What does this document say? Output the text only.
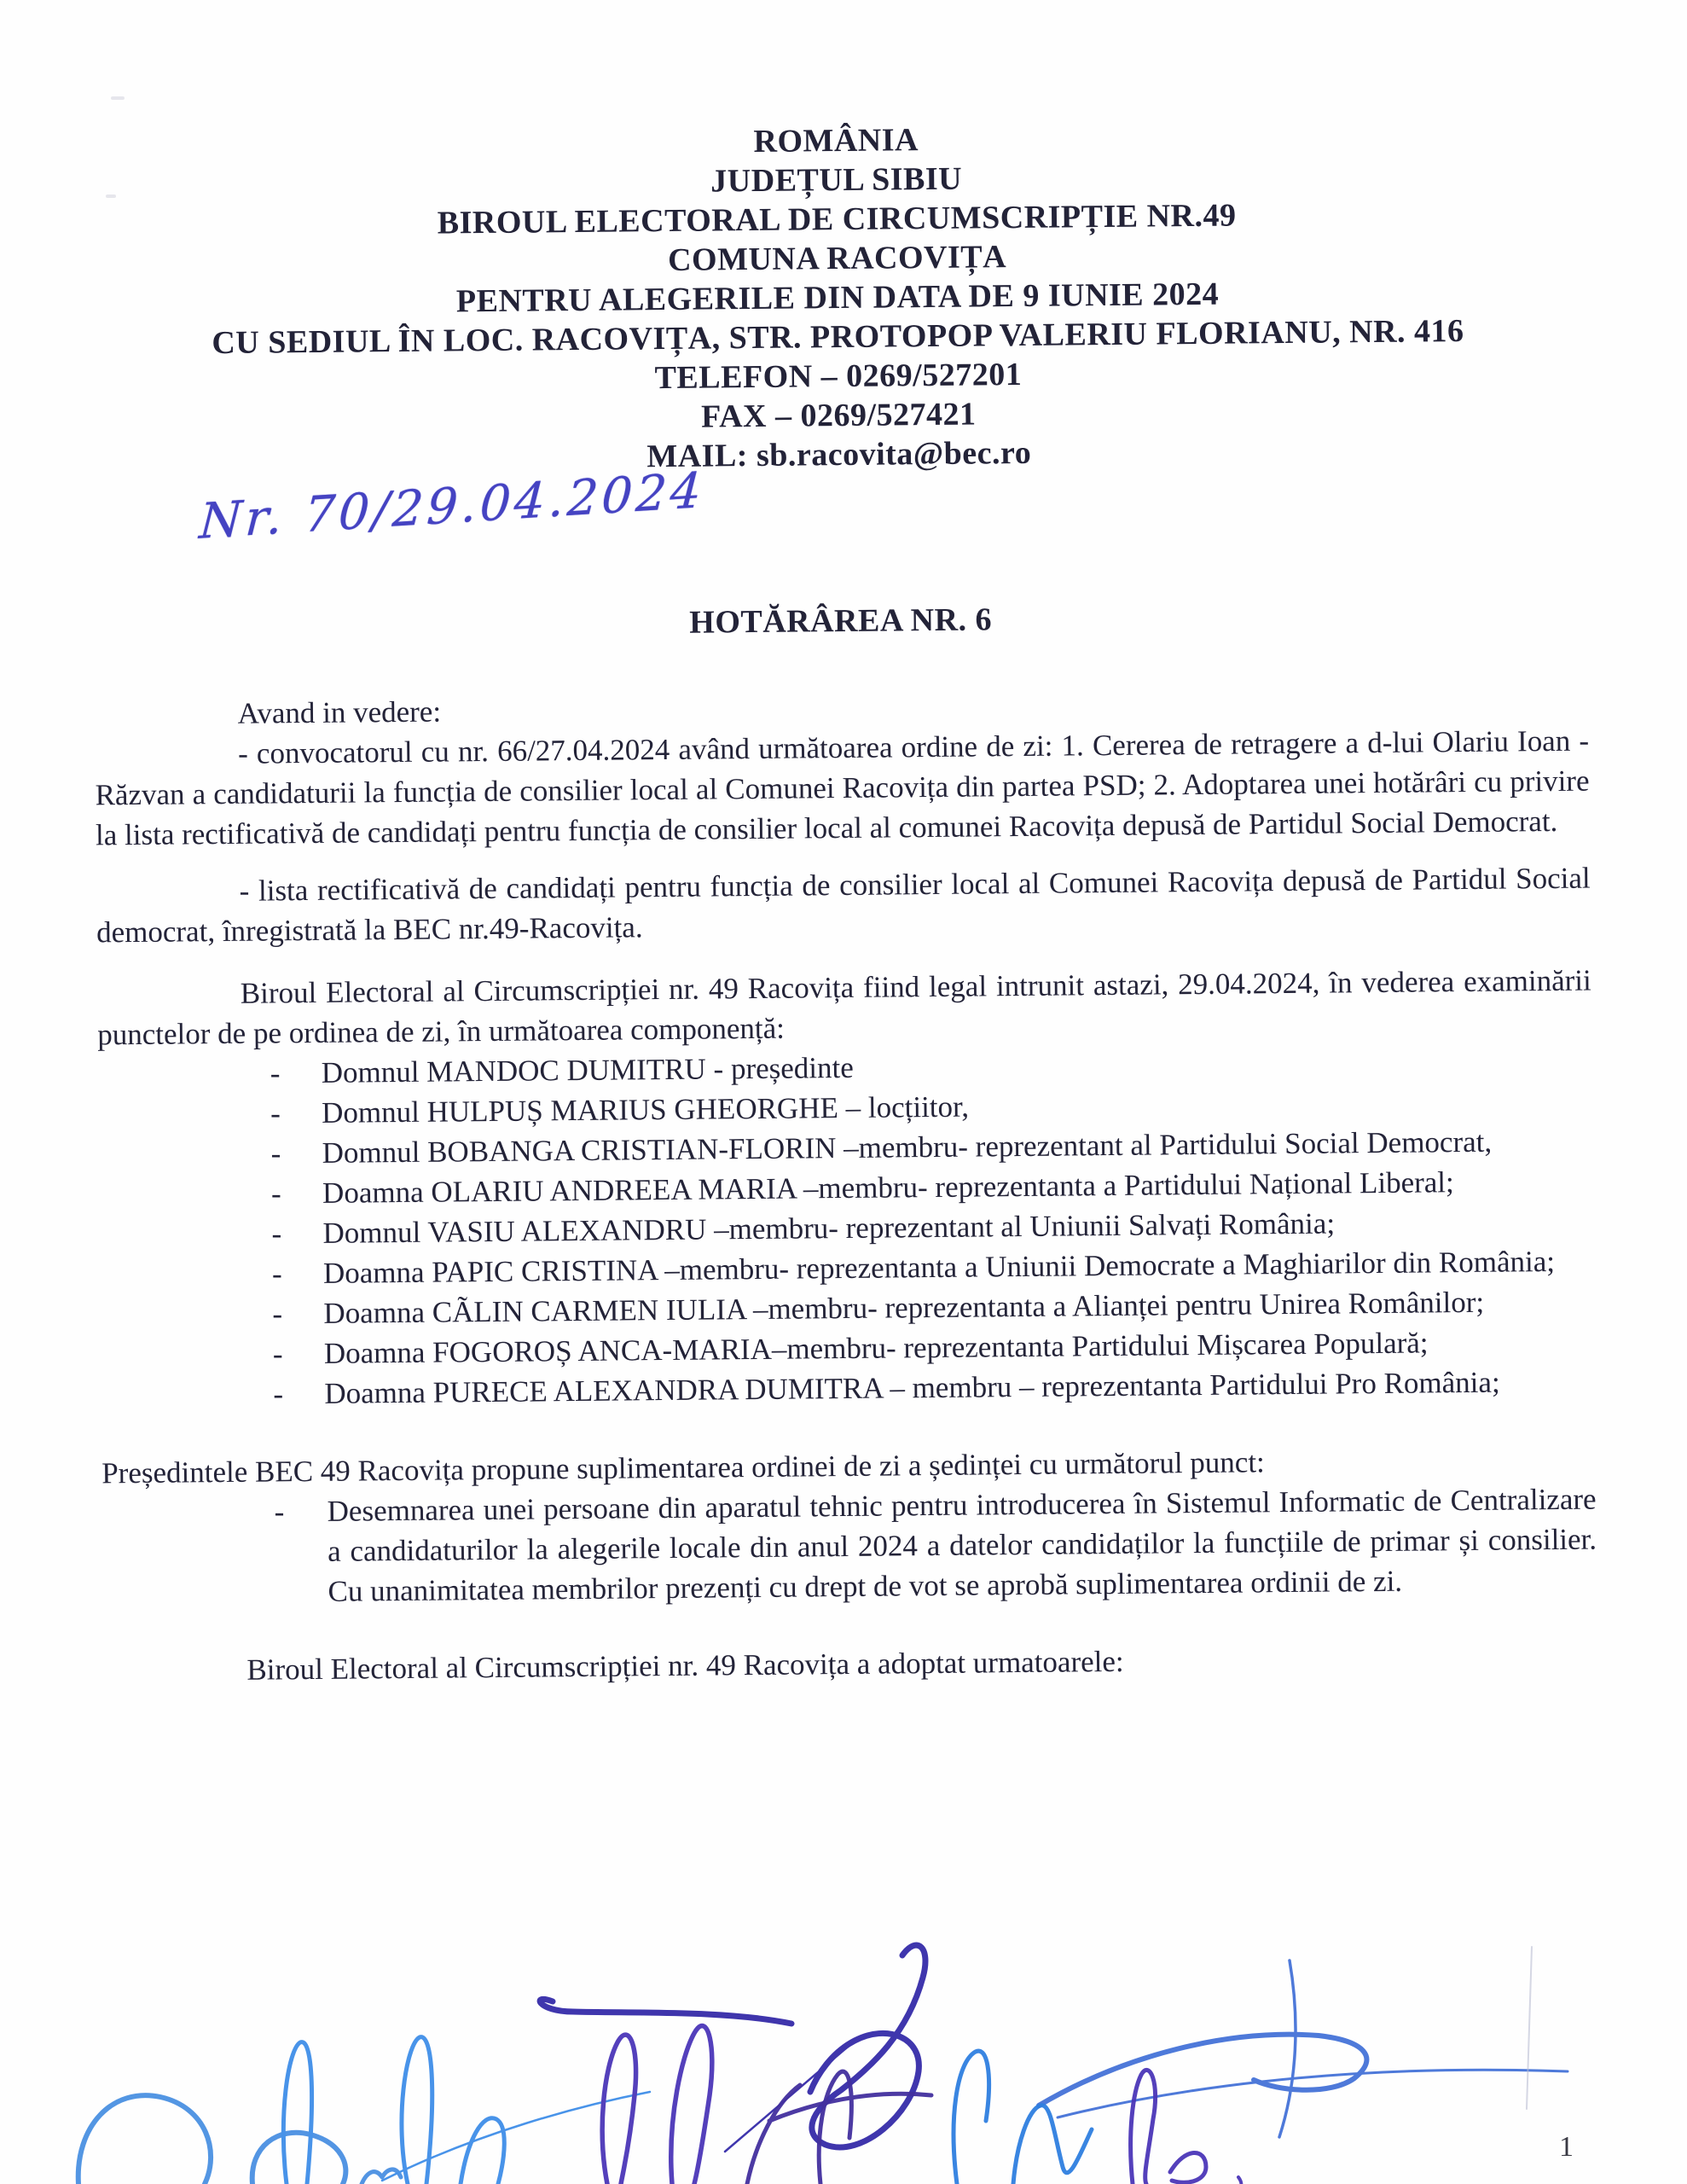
ROMÂNIA
JUDEȚUL SIBIU
BIROUL ELECTORAL DE CIRCUMSCRIPȚIE NR.49
COMUNA RACOVIȚA
PENTRU ALEGERILE DIN DATA DE 9 IUNIE 2024
CU SEDIUL ÎN LOC. RACOVIȚA, STR. PROTOPOP VALERIU FLORIANU, NR. 416
TELEFON – 0269/527201
FAX – 0269/527421
MAIL: sb.racovita@bec.ro
Nr. 70/29.04.2024
HOTĂRÂREA NR. 6

Avand in vedere:

- convocatorul cu nr. 66/27.04.2024 având următoarea ordine de zi: 1. Cererea de retragere a d-lui Olariu Ioan -Răzvan a candidaturii la funcția de consilier local al Comunei Racovița din partea PSD; 2. Adoptarea unei hotărâri cu privire la lista rectificativă de candidați pentru funcția de consilier local al comunei Racovița depusă de Partidul Social Democrat.

- lista rectificativă de candidați pentru funcția de consilier local al Comunei Racovița depusă de Partidul Social democrat, înregistrată la BEC nr.49-Racovița.

Biroul Electoral al Circumscripției nr. 49 Racovița fiind legal intrunit astazi, 29.04.2024, în vederea examinării punctelor de pe ordinea de zi, în următoarea componență:

-	Domnul MANDOC DUMITRU - președinte
-	Domnul HULPUȘ MARIUS GHEORGHE – locțiitor,
-	Domnul BOBANGA CRISTIAN-FLORIN –membru- reprezentant al Partidului Social Democrat,
-	Doamna OLARIU ANDREEA MARIA –membru- reprezentanta a Partidului Național Liberal;
-	Domnul VASIU ALEXANDRU –membru- reprezentant al Uniunii Salvați România;
-	Doamna PAPIC CRISTINA –membru- reprezentanta a Uniunii Democrate a Maghiarilor din România;
-	Doamna CÃLIN CARMEN IULIA –membru- reprezentanta a Alianței pentru Unirea Românilor;
-	Doamna FOGOROȘ ANCA-MARIA–membru- reprezentanta Partidului Mișcarea Populară;
-	Doamna PURECE ALEXANDRA DUMITRA – membru – reprezentanta Partidului Pro România;

Președintele BEC 49 Racovița propune suplimentarea ordinei de zi a ședinței cu următorul punct:

-	Desemnarea unei persoane din aparatul tehnic pentru introducerea în Sistemul Informatic de Centralizare a candidaturilor la alegerile locale din anul 2024 a datelor candidaților la funcțiile de primar și consilier. Cu unanimitatea membrilor prezenți cu drept de vot se aprobă suplimentarea ordinii de zi.

Biroul Electoral al Circumscripției nr. 49 Racovița a adoptat urmatoarele:

1
